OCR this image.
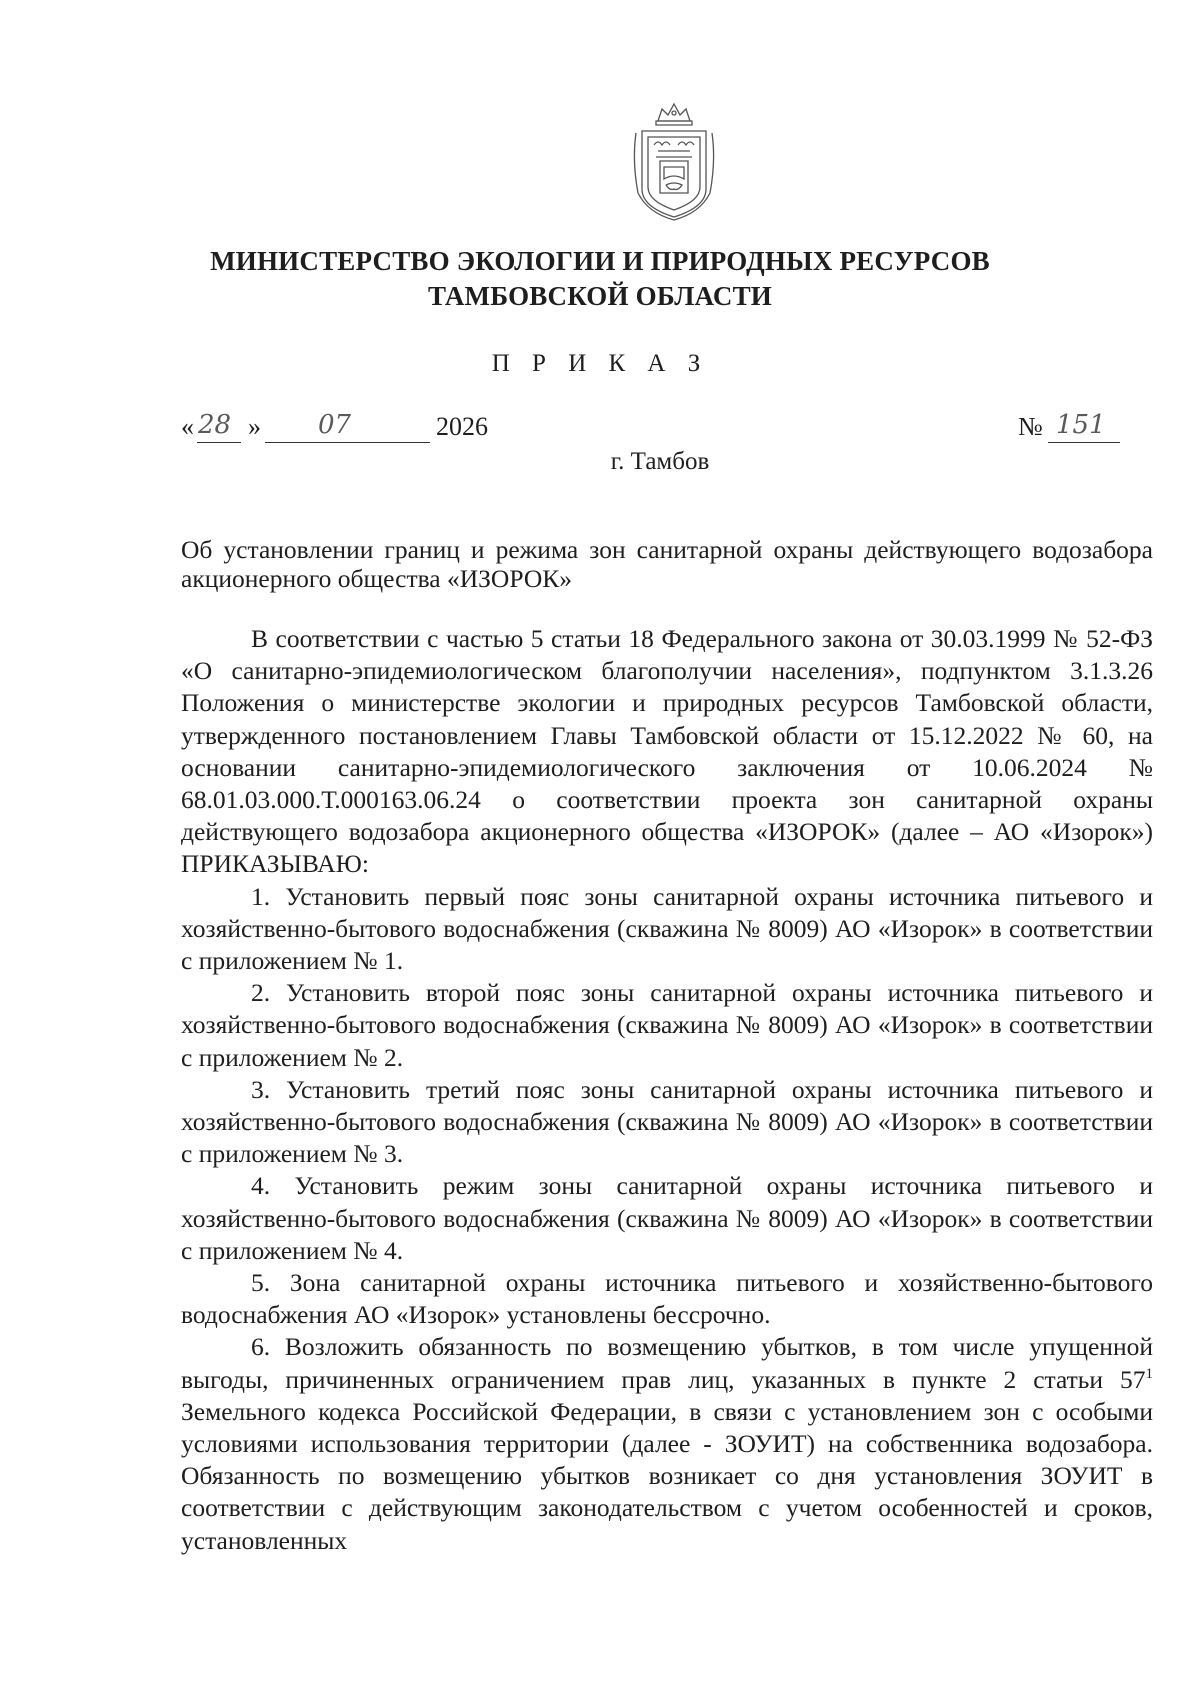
МИНИСТЕРСТВО ЭКОЛОГИИ И ПРИРОДНЫХ РЕСУРСОВ
ТАМБОВСКОЙ ОБЛАСТИ
П Р И К А З
« 28 » 07	2026	№ 151
г. Тамбов
Об установлении границ и режима зон санитарной охраны действующего водозабора акционерного общества «ИЗОРОК»

В соответствии с частью 5 статьи 18 Федерального закона от 30.03.1999 № 52-ФЗ «О санитарно-эпидемиологическом благополучии населения», подпунктом 3.1.3.26 Положения о министерстве экологии и природных ресурсов Тамбовской области, утвержденного постановлением Главы Тамбовской области от 15.12.2022 № 60, на основании санитарно-эпидемиологического заключения от 10.06.2024 № 68.01.03.000.Т.000163.06.24 о соответствии проекта зон санитарной охраны действующего водозабора акционерного общества «ИЗОРОК» (далее – АО «Изорок») ПРИКАЗЫВАЮ:

1. Установить первый пояс зоны санитарной охраны источника питьевого и хозяйственно-бытового водоснабжения (скважина № 8009) АО «Изорок» в соответствии с приложением № 1.

2. Установить второй пояс зоны санитарной охраны источника питьевого и хозяйственно-бытового водоснабжения (скважина № 8009) АО «Изорок» в соответствии с приложением № 2.

3. Установить третий пояс зоны санитарной охраны источника питьевого и хозяйственно-бытового водоснабжения (скважина № 8009) АО «Изорок» в соответствии с приложением № 3.

4. Установить режим зоны санитарной охраны источника питьевого и хозяйственно-бытового водоснабжения (скважина № 8009) АО «Изорок» в соответствии с приложением № 4.

5. Зона санитарной охраны источника питьевого и хозяйственно-бытового водоснабжения АО «Изорок» установлены бессрочно.

6. Возложить обязанность по возмещению убытков, в том числе упущенной выгоды, причиненных ограничением прав лиц, указанных в пункте 2 статьи $57^1$ Земельного кодекса Российской Федерации, в связи с установлением зон с особыми условиями использования территории (далее - ЗОУИТ) на собственника водозабора. Обязанность по возмещению убытков возникает со дня установления ЗОУИТ в соответствии с действующим законодательством с учетом особенностей и сроков, установленных
